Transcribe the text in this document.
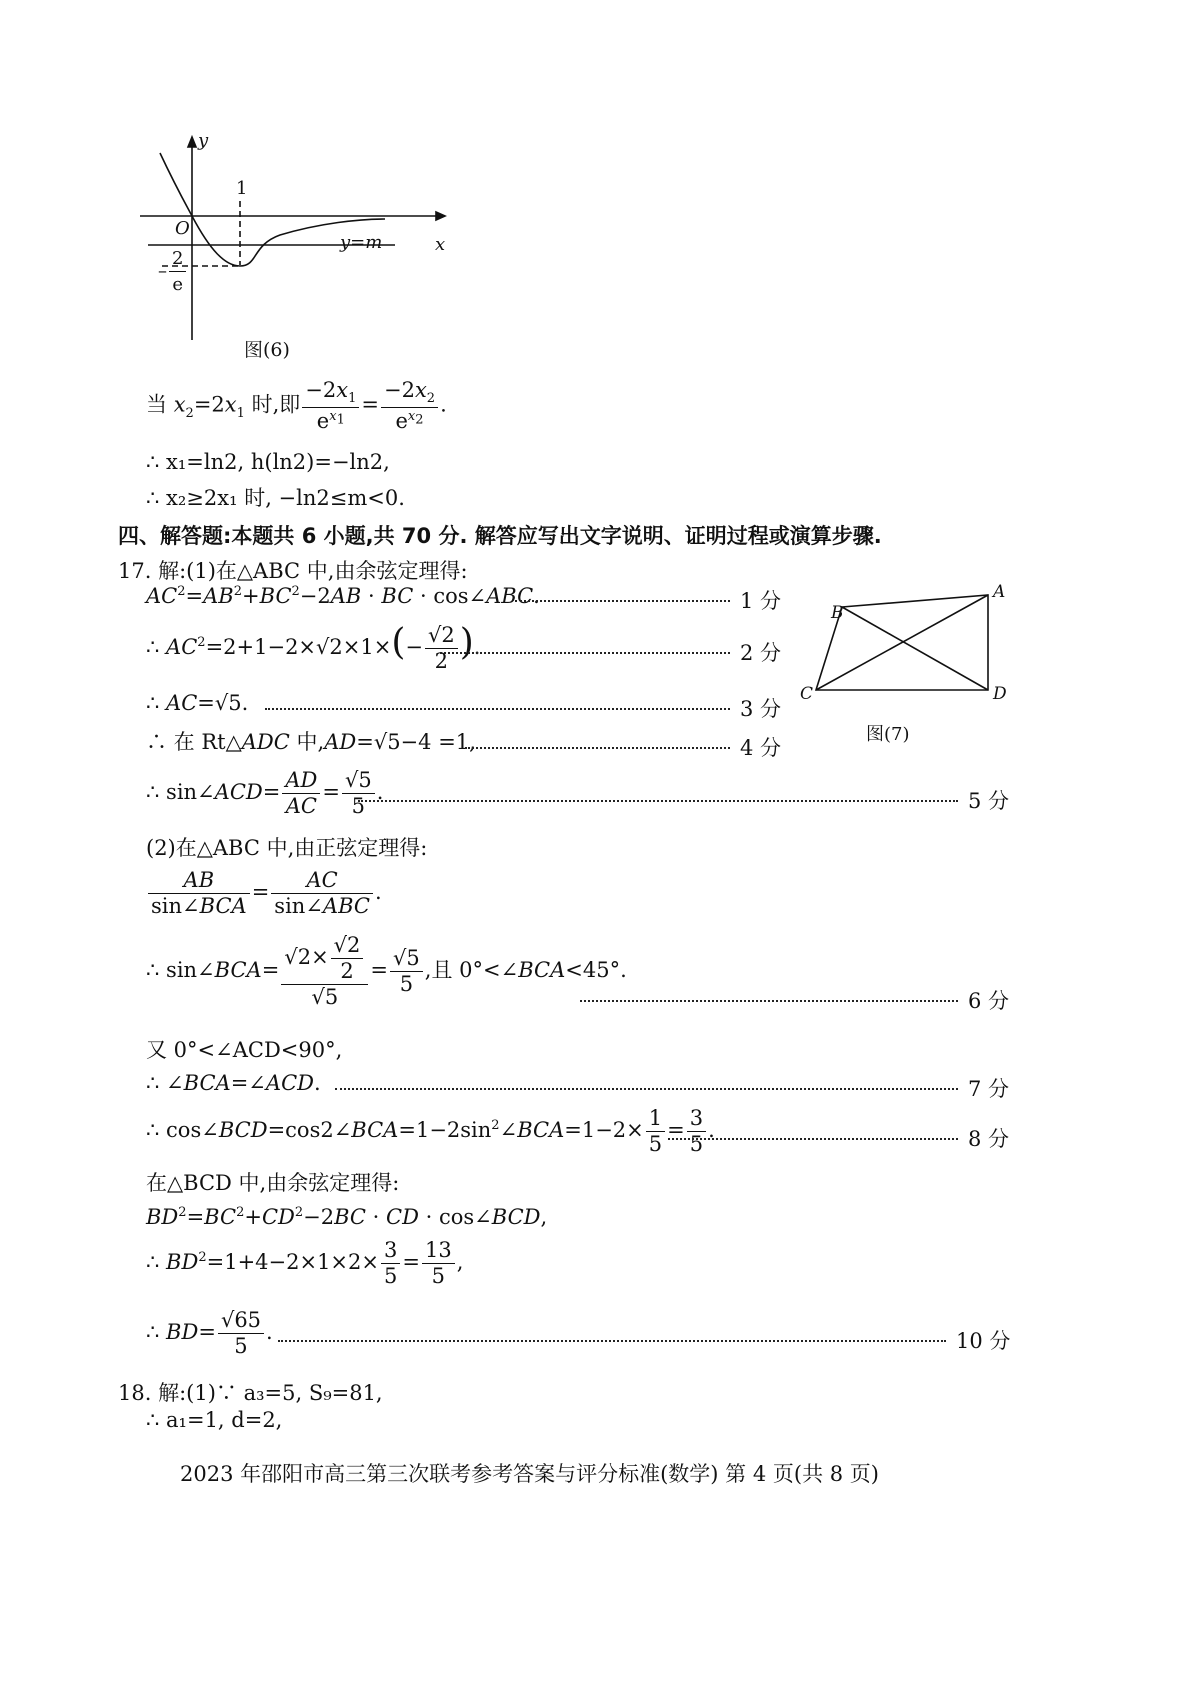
y
x
O
1
y=m
– $\frac{2}{e}$
图(6)
当 $x_2=2x_1$ 时,即 $\frac{-2x_1}{e^{x_1}} = \frac{-2x_2}{e^{x_2}}$ .
∴ x₁=ln2, h(ln2)=−ln2,
∴ x₂≥2x₁ 时, −ln2≤m<0.
四、解答题:本题共 6 小题,共 70 分. 解答应写出文字说明、证明过程或演算步骤.
17. 解:(1)在△ABC 中,由余弦定理得:
$AC^2=AB^2+BC^2-2AB$ · BC · cos∠ABC.	1 分
∴ $AC^2=2+1-2\times√2\times 1\times(- \frac{√2}{2}$ ).	2 分
∴ AC=√5.	3 分
∴ 在 Rt△ADC 中,AD=√5−4 =1,	4 分
∴ sin∠ACD= $\frac{AD}{AC} = \frac{√5}{5}$ .	5 分
A
B
C	D
图(7)
(2)在△ABC 中,由正弦定理得:
$\frac{AB}{\text{sin∠BCA}} = \frac{AC}{\text{sin∠ABC}}$ .
∴ sin∠BCA= $\frac{√2\times \frac{√2}{2}}{√5} = \frac{√5}{5}$ ,且 0°<∠BCA<45°.
6 分
又 0°<∠ACD<90°,
∴ ∠BCA=∠ACD.	7 分
∴ $\cos\angle BCD=\cos 2\angle BCA=1-2\sin^2\angle BCA=1-2\times \frac{1}{5} = \frac{3}{5}$ .	8 分
在△BCD 中,由余弦定理得:
$BD^2=BC^2+CD^2-2BC$ · CD · cos∠BCD,
∴ $BD^2=1+4-2\times 1\times 2\times \frac{3}{5} = \frac{13}{5}$ ,
∴ $BD= \frac{√65}{5}$ .	10 分
18. 解:(1)∵ a₃=5, S₉=81,
∴ a₁=1, d=2,
2023 年邵阳市高三第三次联考参考答案与评分标准(数学) 第 4 页(共 8 页)
